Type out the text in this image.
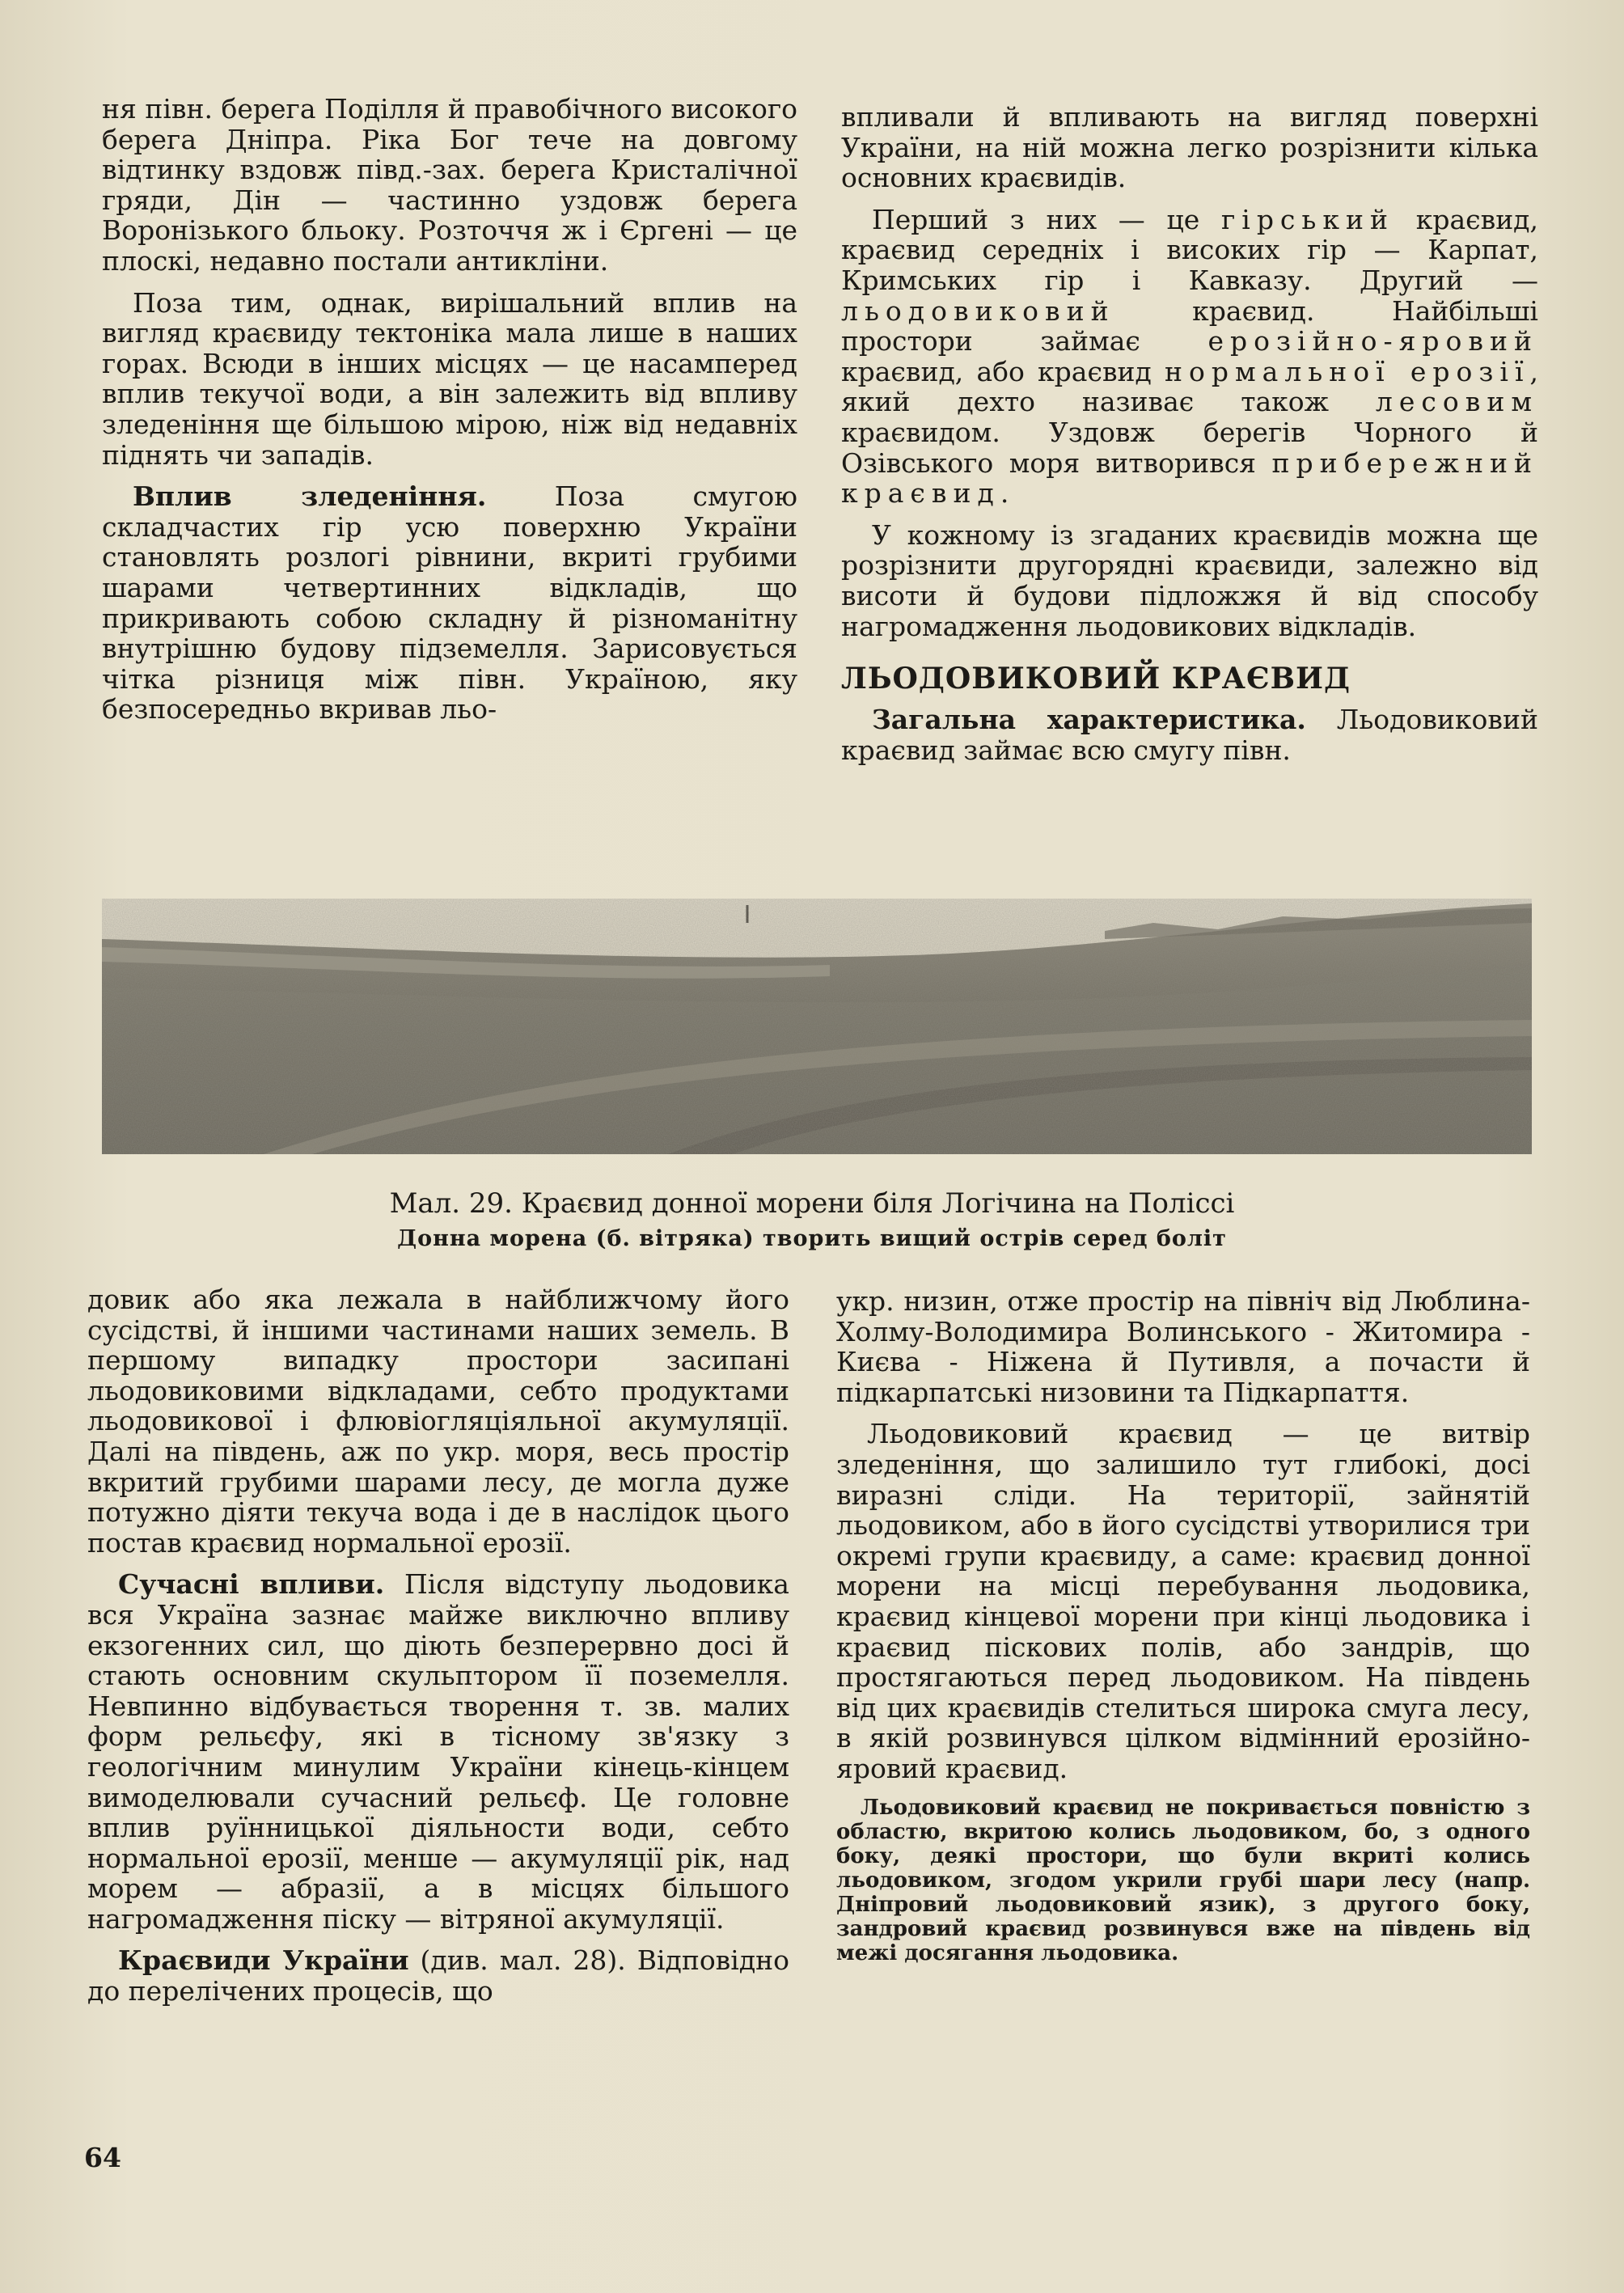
ня півн. берега Поділля й правобічного високого берега Дніпра. Ріка Бог тече на довгому відтинку вздовж півд.-зах. берега Кристалічної гряди, Дін — частинно уздовж берега Воронізького бльоку. Розточчя ж і Єргені — це плоскі, недавно постали антикліни.

Поза тим, однак, вирішальний вплив на вигляд краєвиду тектоніка мала лише в наших горах. Всюди в інших місцях — це насамперед вплив текучої води, а він залежить від впливу зледеніння ще більшою мірою, ніж від недавніх піднять чи западів.

Вплив зледеніння. Поза смугою складчастих гір усю поверхню України становлять розлогі рівнини, вкриті грубими шарами четвертинних відкладів, що прикривають собою складну й різноманітну внутрішню будову підземелля. Зарисовується чітка різниця між півн. Україною, яку безпосередньо вкривав льо-

впливали й впливають на вигляд поверхні України, на ній можна легко розрізнити кілька основних краєвидів.

Перший з них — це гірський краєвид, краєвид середніх і високих гір — Карпат, Кримських гір і Кавказу. Другий — льодовиковий краєвид. Найбільші простори займає ерозійно-яровий краєвид, або краєвид нормальної ерозії, який дехто називає також лесовим краєвидом. Уздовж берегів Чорного й Озівського моря витворився прибережний краєвид.

У кожному із згаданих краєвидів можна ще розрізнити другорядні краєвиди, залежно від висоти й будови підложжя й від способу нагромадження льодовикових відкладів.

ЛЬОДОВИКОВИЙ КРАЄВИД

Загальна характеристика. Льодовиковий краєвид займає всю смугу півн.

Мал. 29. Краєвид донної морени біля Логічина на Поліссі
Донна морена (б. вітряка) творить вищий острів серед боліт

довик або яка лежала в найближчому його сусідстві, й іншими частинами наших земель. В першому випадку простори засипані льодовиковими відкладами, себто продуктами льодовикової і флювіогляціяльної акумуляції. Далі на південь, аж по укр. моря, весь простір вкритий грубими шарами лесу, де могла дуже потужно діяти текуча вода і де в наслідок цього постав краєвид нормальної ерозії.

Сучасні впливи. Після відступу льодовика вся Україна зазнає майже виключно впливу екзогенних сил, що діють безперервно досі й стають основним скульптором її поземелля. Невпинно відбувається творення т. зв. малих форм рельєфу, які в тісному зв'язку з геологічним минулим України кінець-кінцем вимоделювали сучасний рельєф. Це головне вплив руїнницької діяльности води, себто нормальної ерозії, менше — акумуляції рік, над морем — абразії, а в місцях більшого нагромадження піску — вітряної акумуляції.

Краєвиди України (див. мал. 28). Відповідно до перелічених процесів, що

укр. низин, отже простір на північ від Люблина-Холму-Володимира Волинського - Житомира - Києва - Ніжена й Путивля, а почасти й підкарпатські низовини та Підкарпаття.

Льодовиковий краєвид — це витвір зледеніння, що залишило тут глибокі, досі виразні сліди. На території, зайнятій льодовиком, або в його сусідстві утворилися три окремі групи краєвиду, а саме: краєвид донної морени на місці перебування льодовика, краєвид кінцевої морени при кінці льодовика і краєвид піскових полів, або зандрів, що простягаються перед льодовиком. На південь від цих краєвидів стелиться широка смуга лесу, в якій розвинувся цілком відмінний ерозійно-яровий краєвид.

Льодовиковий краєвид не покривається повністю з областю, вкритою колись льодовиком, бо, з одного боку, деякі простори, що були вкриті колись льодовиком, згодом укрили грубі шари лесу (напр. Дніпровий льодовиковий язик), з другого боку, зандровий краєвид розвинувся вже на південь від межі досягання льодовика.

64
